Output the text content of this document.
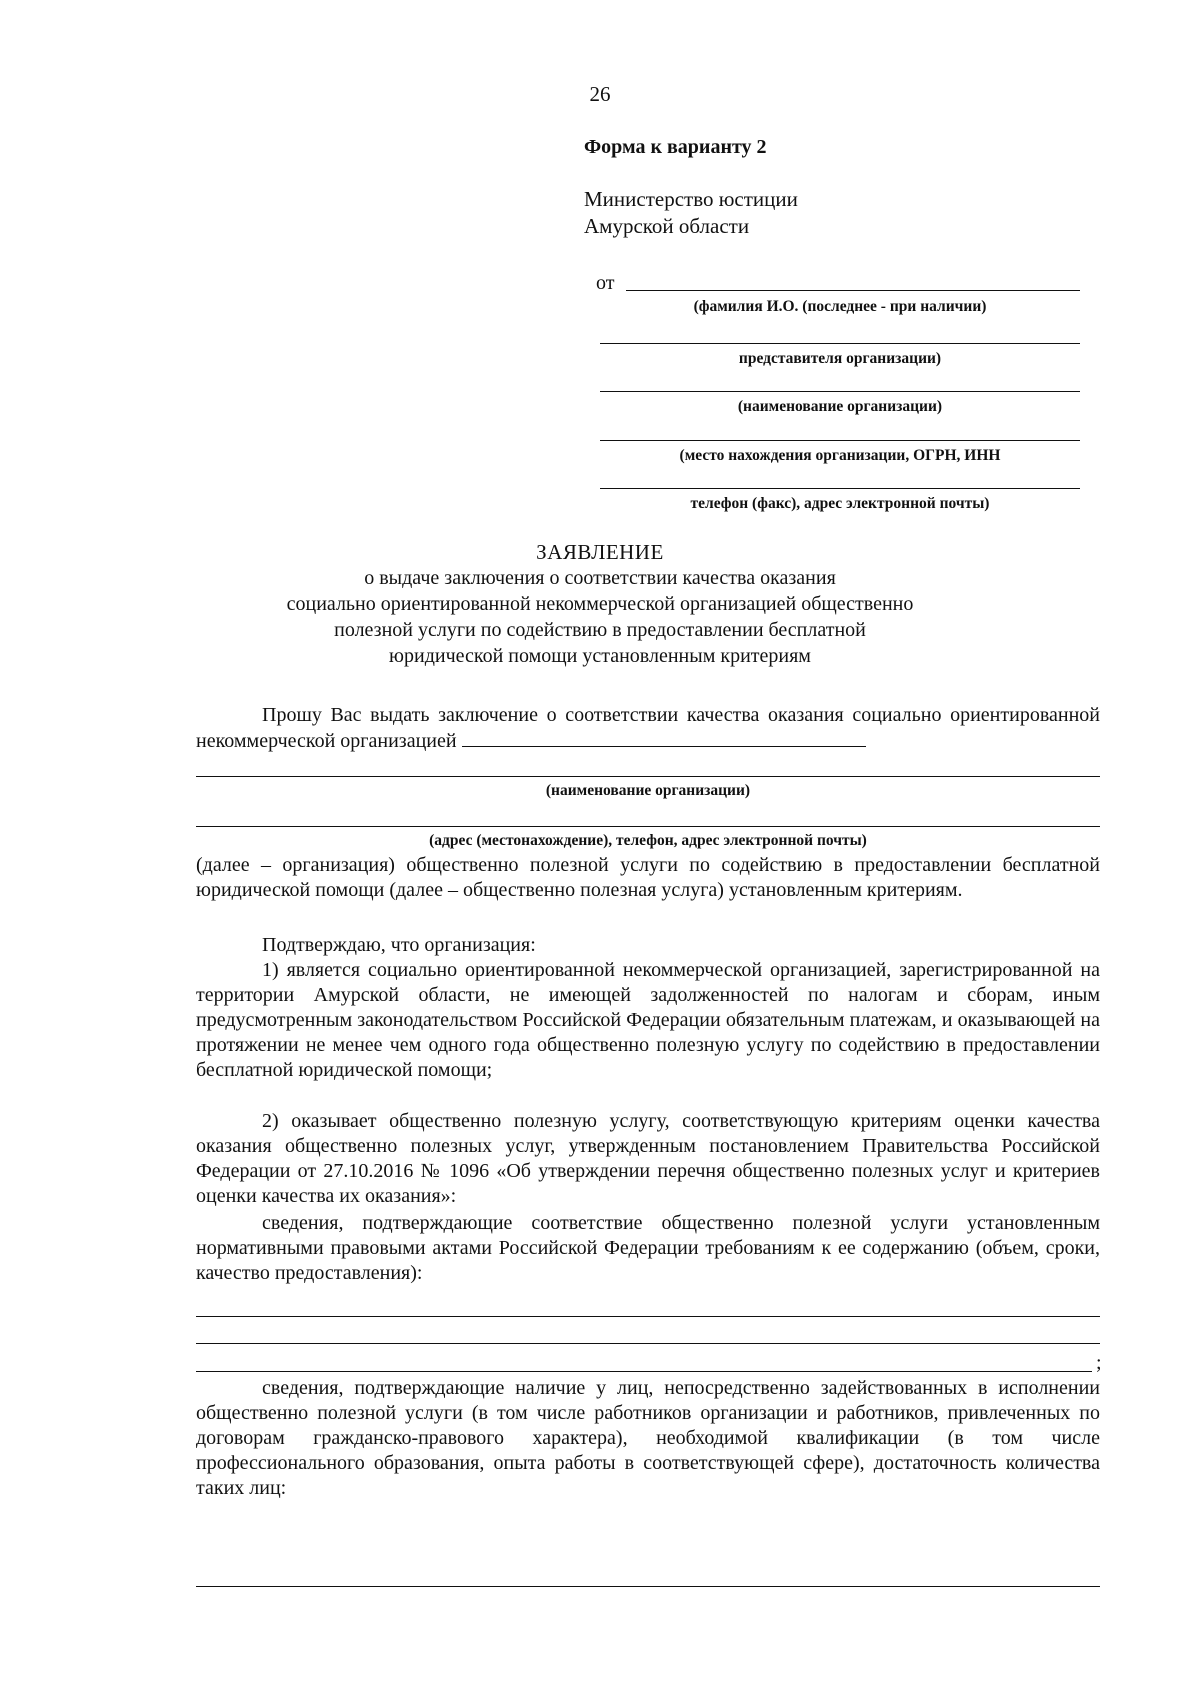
26
Форма к варианту 2
Министерство юстиции
Амурской области
от
(фамилия И.О. (последнее - при наличии)
представителя организации)
(наименование организации)
(место нахождения организации, ОГРН, ИНН
телефон (факс), адрес электронной почты)
ЗАЯВЛЕНИЕ
о выдаче заключения о соответствии качества оказания
социально ориентированной некоммерческой организацией общественно
полезной услуги по содействию в предоставлении бесплатной
юридической помощи установленным критериям
Прошу Вас выдать заключение о соответствии качества оказания социально ориентированной некоммерческой организацией
(наименование организации)
(адрес (местонахождение), телефон, адрес электронной почты)
(далее – организация) общественно полезной услуги по содействию в предоставлении бесплатной юридической помощи (далее – общественно полезная услуга) установленным критериям.
Подтверждаю, что организация:
1) является социально ориентированной некоммерческой организацией, зарегистрированной на территории Амурской области, не имеющей задолженностей по налогам и сборам, иным предусмотренным законодательством Российской Федерации обязательным платежам, и оказывающей на протяжении не менее чем одного года общественно полезную услугу по содействию в предоставлении бесплатной юридической помощи;
2) оказывает общественно полезную услугу, соответствующую критериям оценки качества оказания общественно полезных услуг, утвержденным постановлением Правительства Российской Федерации от 27.10.2016 № 1096 «Об утверждении перечня общественно полезных услуг и критериев оценки качества их оказания»:
сведения, подтверждающие соответствие общественно полезной услуги установленным нормативными правовыми актами Российской Федерации требованиям к ее содержанию (объем, сроки, качество предоставления):
;
сведения, подтверждающие наличие у лиц, непосредственно задействованных в исполнении общественно полезной услуги (в том числе работников организации и работников, привлеченных по договорам гражданско-правового характера), необходимой квалификации (в том числе профессионального образования, опыта работы в соответствующей сфере), достаточность количества таких лиц:
